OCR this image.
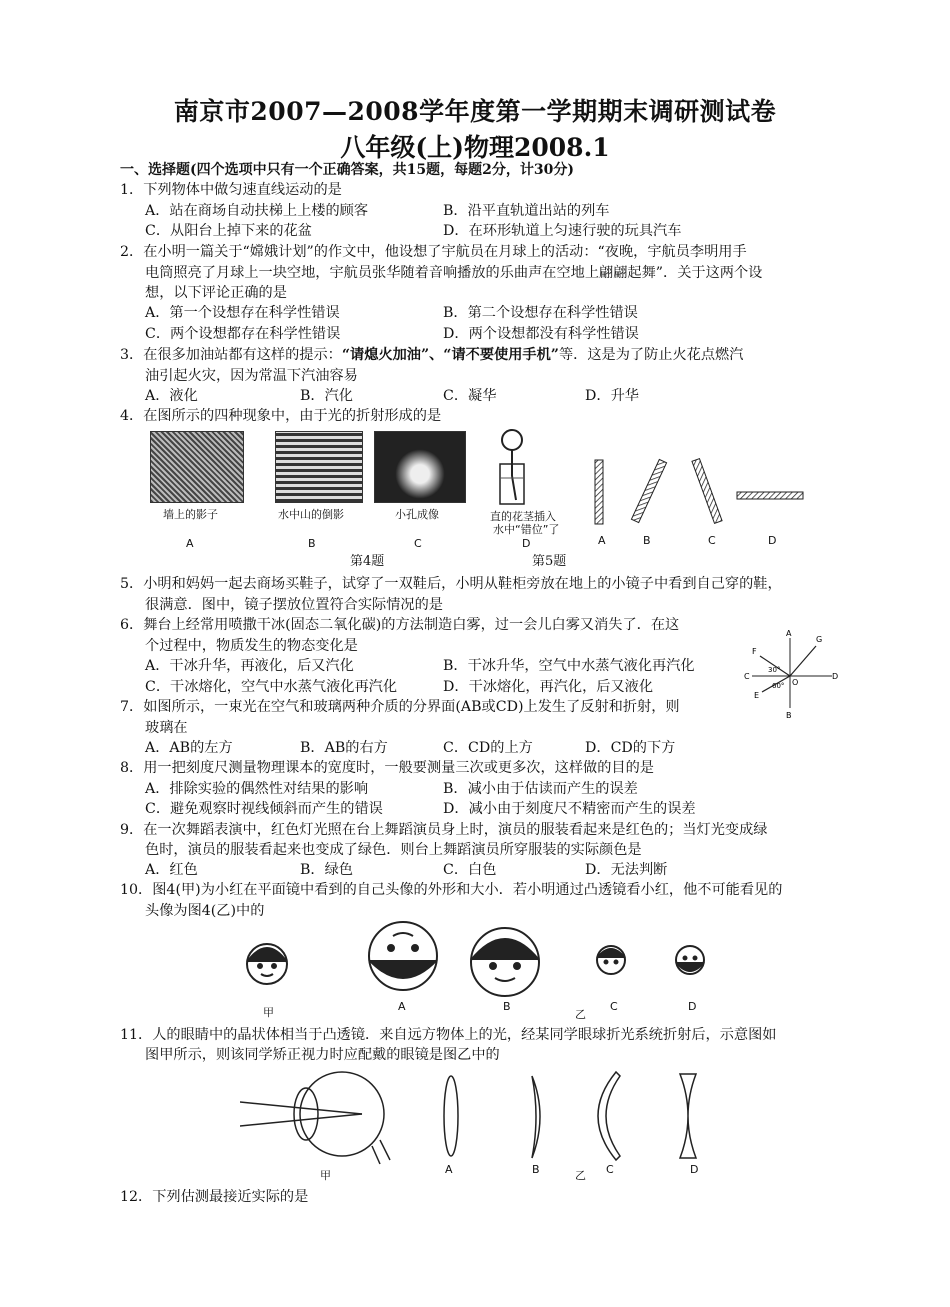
南京市2007—2008学年度第一学期期末调研测试卷
八年级(上)物理2008.1
一、选择题(四个选项中只有一个正确答案，共15题，每题2分，计30分)
1．下列物体中做匀速直线运动的是
A．站在商场自动扶梯上上楼的顾客	B．沿平直轨道出站的列车
C．从阳台上掉下来的花盆	D．在环形轨道上匀速行驶的玩具汽车
2．在小明一篇关于“嫦娥计划”的作文中，他设想了宇航员在月球上的活动：“夜晚，宇航员李明用手
电筒照亮了月球上一块空地，宇航员张华随着音响播放的乐曲声在空地上翩翩起舞”．关于这两个设
想，以下评论正确的是
A．第一个设想存在科学性错误	B．第二个设想存在科学性错误
C．两个设想都存在科学性错误	D．两个设想都没有科学性错误
3．在很多加油站都有这样的提示：“请熄火加油”、“请不要使用手机”等．这是为了防止火花点燃汽
油引起火灾，因为常温下汽油容易
A．液化	B．汽化	C．凝华	D．升华
4．在图所示的四种现象中，由于光的折射形成的是
墙上的影子	水中山的倒影	小孔成像	直的花茎插入
水中“错位”了
A	B	C	D	A	B	C	D
第4题	第5题
5．小明和妈妈一起去商场买鞋子，试穿了一双鞋后，小明从鞋柜旁放在地上的小镜子中看到自己穿的鞋，
很满意．图中，镜子摆放位置符合实际情况的是
6．舞台上经常用喷撒干冰(固态二氧化碳)的方法制造白雾，过一会儿白雾又消失了．在这
个过程中，物质发生的物态变化是
A．干冰升华，再液化，后又汽化	B．干冰升华，空气中水蒸气液化再汽化
C．干冰熔化，空气中水蒸气液化再汽化	D．干冰熔化，再汽化，后又液化
A
G
F
C	D
E
O
B
30°
60°
7．如图所示，一束光在空气和玻璃两种介质的分界面(AB或CD)上发生了反射和折射，则
玻璃在
A．AB的左方	B．AB的右方	C．CD的上方	D．CD的下方
8．用一把刻度尺测量物理课本的宽度时，一般要测量三次或更多次，这样做的目的是
A．排除实验的偶然性对结果的影响	B．减小由于估读而产生的误差
C．避免观察时视线倾斜而产生的错误	D．减小由于刻度尺不精密而产生的误差
9．在一次舞蹈表演中，红色灯光照在台上舞蹈演员身上时，演员的服装看起来是红色的；当灯光变成绿
色时，演员的服装看起来也变成了绿色．则台上舞蹈演员所穿服装的实际颜色是
A．红色	B．绿色	C．白色	D．无法判断
10．图4(甲)为小红在平面镜中看到的自己头像的外形和大小．若小明通过凸透镜看小红，他不可能看见的
头像为图4(乙)中的
甲	A	B
乙
C	D
11．人的眼睛中的晶状体相当于凸透镜．来自远方物体上的光，经某同学眼球折光系统折射后，示意图如
图甲所示，则该同学矫正视力时应配戴的眼镜是图乙中的
甲	A	B	乙 C	D
12．下列估测最接近实际的是
